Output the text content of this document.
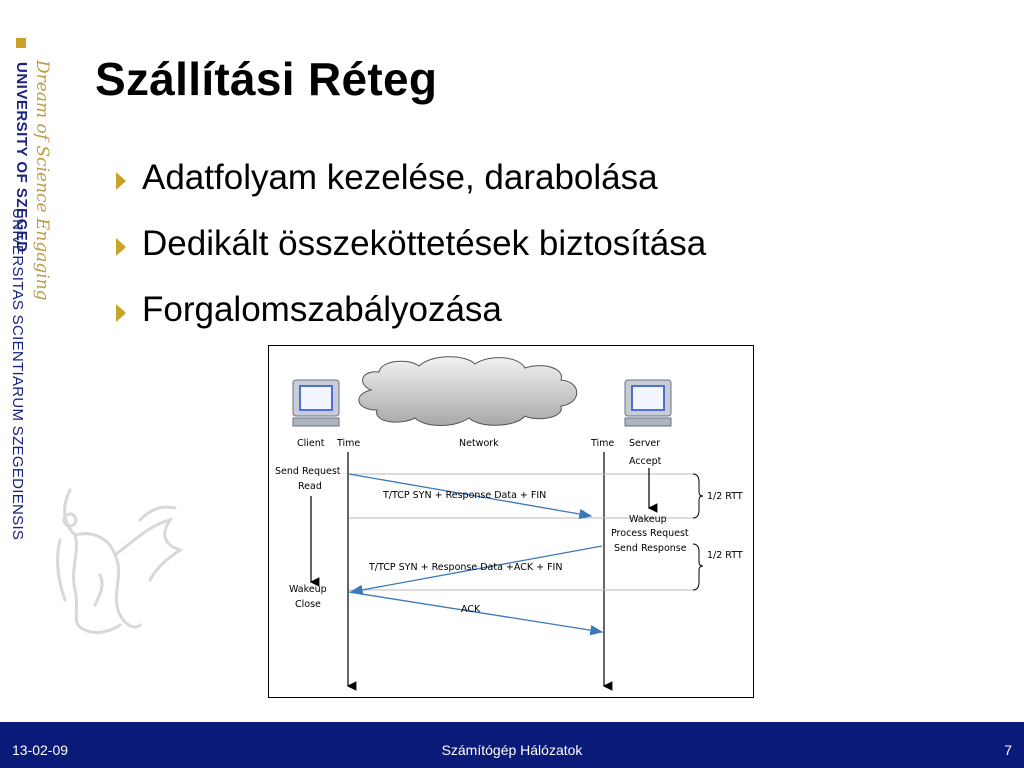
Dream of Science Engaging
UNIVERSITY OF SZEGED
UNIVERSITAS SCIENTIARUM SZEGEDIENSIS
Szállítási Réteg
Adatfolyam kezelése, darabolása
Dedikált összeköttetések biztosítása
Forgalomszabályozása
Client Time	Network	Time Server
Accept
Send Request
Read
T/TCP SYN + Response Data + FIN	1/2 RTT
Wakeup
Process Request
Send Response
1/2 RTT
T/TCP SYN + Response Data +ACK + FIN
Wakeup
Close	ACK
13-02-09	Számítógép Hálózatok	7
